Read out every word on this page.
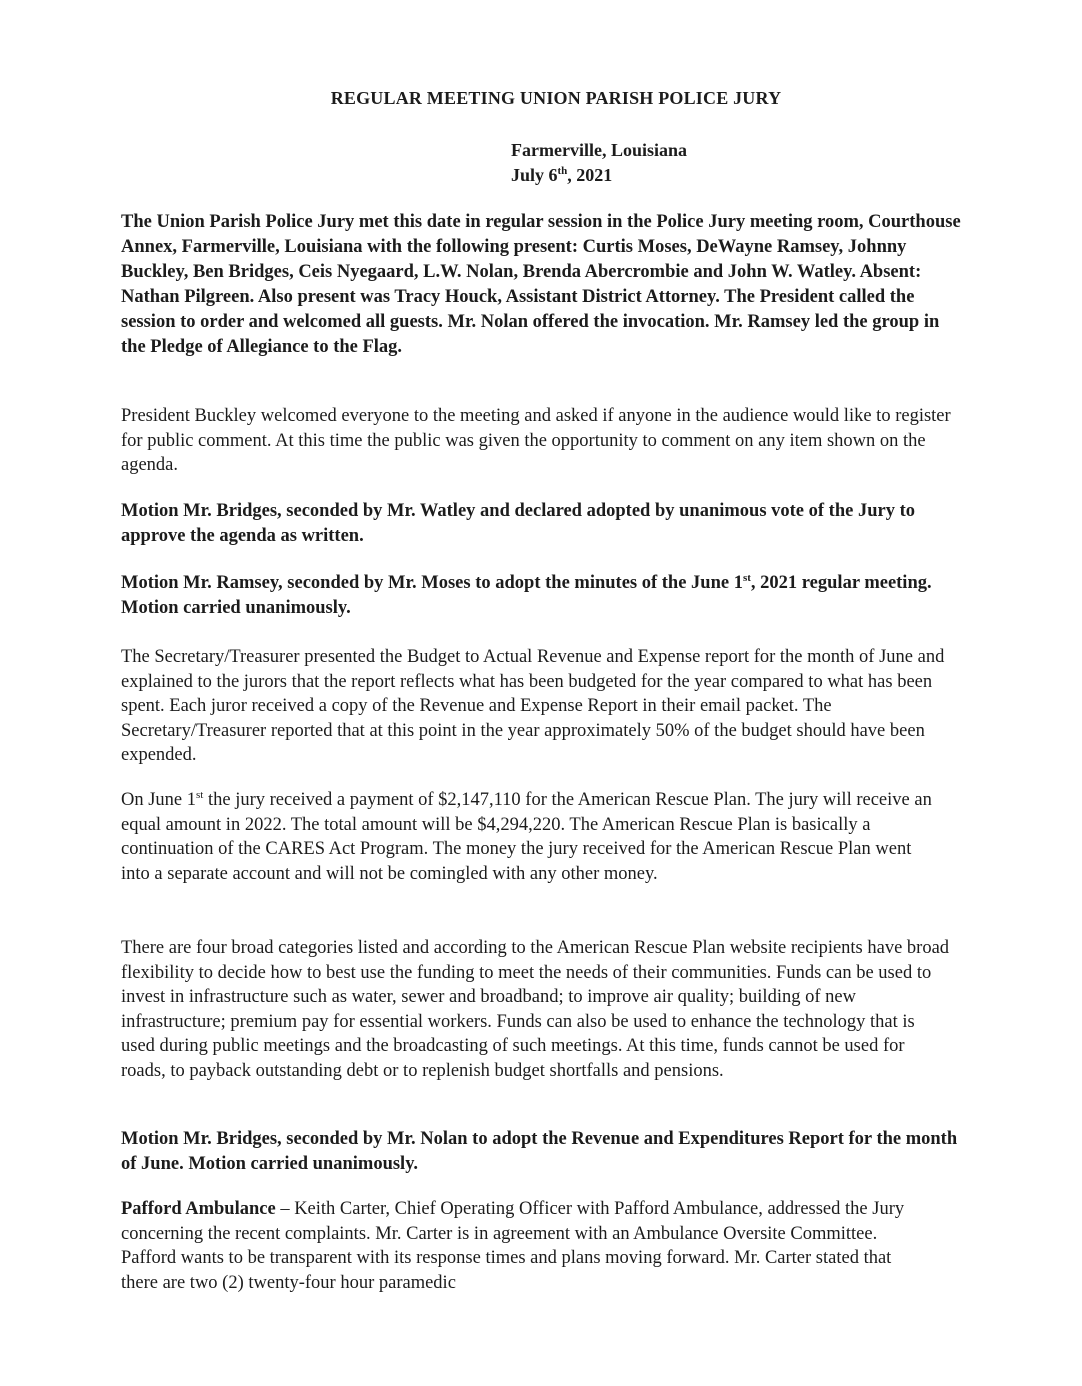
REGULAR MEETING UNION PARISH POLICE JURY
Farmerville, Louisiana
July 6th, 2021
The Union Parish Police Jury met this date in regular session in the Police Jury meeting room, Courthouse Annex, Farmerville, Louisiana with the following present: Curtis Moses, DeWayne Ramsey, Johnny Buckley, Ben Bridges, Ceis Nyegaard, L.W. Nolan, Brenda Abercrombie and John W. Watley. Absent: Nathan Pilgreen. Also present was Tracy Houck, Assistant District Attorney. The President called the session to order and welcomed all guests. Mr. Nolan offered the invocation. Mr. Ramsey led the group in the Pledge of Allegiance to the Flag.
President Buckley welcomed everyone to the meeting and asked if anyone in the audience would like to register for public comment. At this time the public was given the opportunity to comment on any item shown on the agenda.
Motion Mr. Bridges, seconded by Mr. Watley and declared adopted by unanimous vote of the Jury to approve the agenda as written.
Motion Mr. Ramsey, seconded by Mr. Moses to adopt the minutes of the June 1st, 2021 regular meeting. Motion carried unanimously.
The Secretary/Treasurer presented the Budget to Actual Revenue and Expense report for the month of June and explained to the jurors that the report reflects what has been budgeted for the year compared to what has been spent. Each juror received a copy of the Revenue and Expense Report in their email packet. The Secretary/Treasurer reported that at this point in the year approximately 50% of the budget should have been expended.
On June 1st the jury received a payment of $2,147,110 for the American Rescue Plan. The jury will receive an equal amount in 2022. The total amount will be $4,294,220. The American Rescue Plan is basically a continuation of the CARES Act Program. The money the jury received for the American Rescue Plan went into a separate account and will not be comingled with any other money.
There are four broad categories listed and according to the American Rescue Plan website recipients have broad flexibility to decide how to best use the funding to meet the needs of their communities. Funds can be used to invest in infrastructure such as water, sewer and broadband; to improve air quality; building of new infrastructure; premium pay for essential workers. Funds can also be used to enhance the technology that is used during public meetings and the broadcasting of such meetings. At this time, funds cannot be used for roads, to payback outstanding debt or to replenish budget shortfalls and pensions.
Motion Mr. Bridges, seconded by Mr. Nolan to adopt the Revenue and Expenditures Report for the month of June. Motion carried unanimously.
Pafford Ambulance – Keith Carter, Chief Operating Officer with Pafford Ambulance, addressed the Jury concerning the recent complaints. Mr. Carter is in agreement with an Ambulance Oversite Committee. Pafford wants to be transparent with its response times and plans moving forward. Mr. Carter stated that there are two (2) twenty-four hour paramedic
